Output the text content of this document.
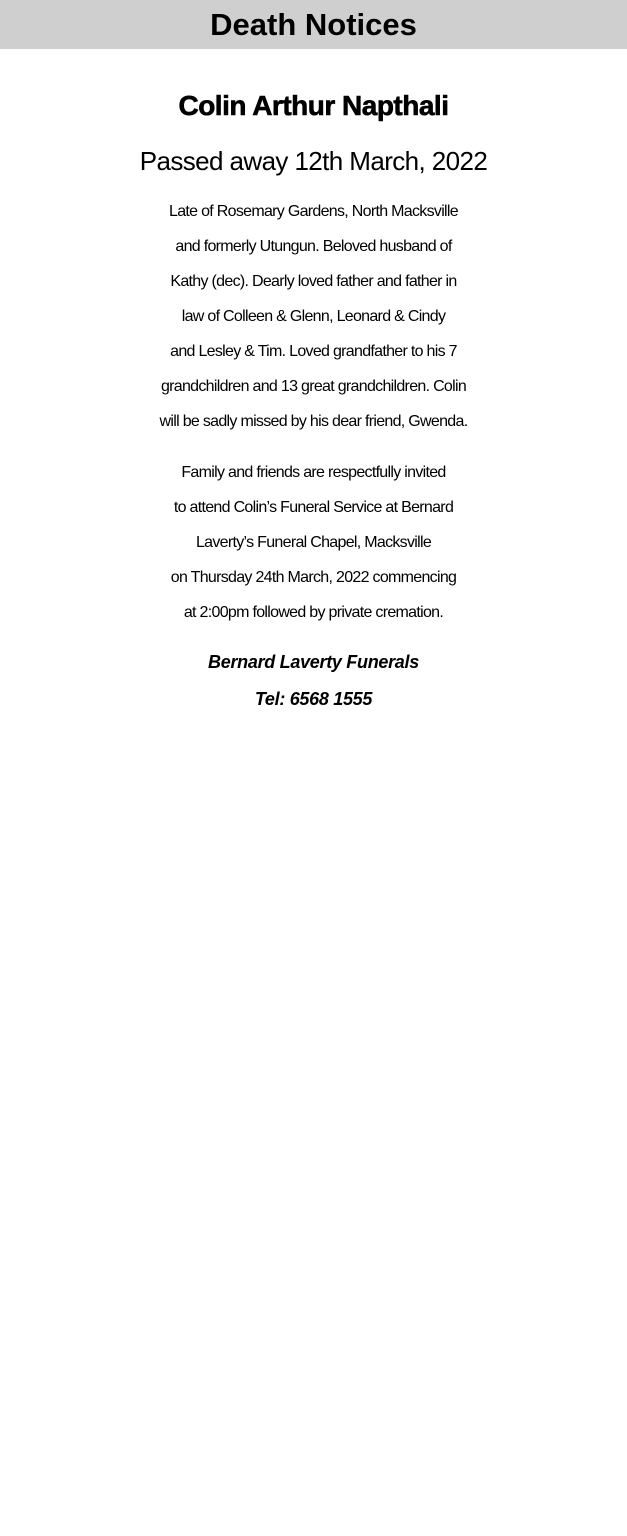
Death Notices
Colin Arthur Napthali

Passed away 12th March, 2022

Late of Rosemary Gardens, North Macksville
and formerly Utungun. Beloved husband of
Kathy (dec). Dearly loved father and father in
law of Colleen & Glenn, Leonard & Cindy
and Lesley & Tim. Loved grandfather to his 7
grandchildren and 13 great grandchildren. Colin
will be sadly missed by his dear friend, Gwenda.

Family and friends are respectfully invited
to attend Colin’s Funeral Service at Bernard
Laverty’s Funeral Chapel, Macksville
on Thursday 24th March, 2022 commencing
at 2:00pm followed by private cremation.

Bernard Laverty Funerals
Tel: 6568 1555
